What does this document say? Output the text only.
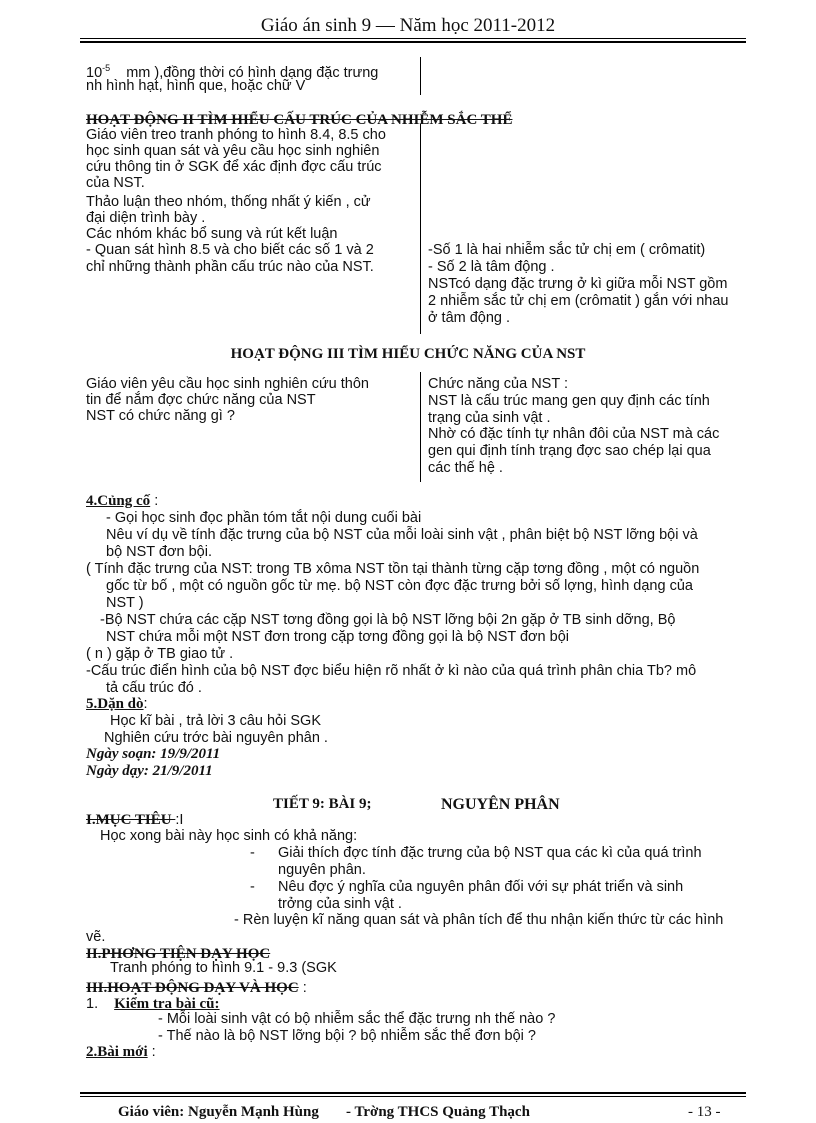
Giáo án sinh 9 — Năm học 2011-2012
$10^{-5}$ mm ),đồng thời có hình dạng đặc trưng
nh hình hạt, hình que, hoặc chữ V
HOẠT ĐỘNG II TÌM HIỂU CẤU TRÚC CỦA NHIỄM SẮC THỂ
Giáo viên treo tranh phóng to hình 8.4, 8.5 cho
học sinh quan sát và yêu cầu học sinh nghiên
cứu thông tin ở SGK để xác định đợc cấu trúc
của NST.
Thảo luận theo nhóm, thống nhất ý kiến , cử
đại diện trình bày .
Các nhóm khác bổ sung và rút kết luận
- Quan sát hình 8.5 và cho biết các số 1 và 2
chỉ những thành phần cấu trúc nào của NST.
-Số 1 là hai nhiễm sắc tử chị em ( crômatit)
- Số 2 là tâm động .
NSTcó dạng đặc trưng ở kì giữa mỗi NST gồm
2 nhiễm sắc tử chị em (crômatit ) gắn với nhau
ở tâm động .
HOẠT ĐỘNG III TÌM HIỂU CHỨC NĂNG CỦA NST
Giáo viên yêu cầu học sinh nghiên cứu thôn
tin để nắm đợc chức năng của NST
NST có chức năng gì ?
Chức năng của NST :
NST là cấu trúc mang gen quy định các tính
trạng của sinh vật .
Nhờ có đặc tính tự nhân đôi của NST mà các
gen qui định tính trạng đợc sao chép lại qua
các thế hệ .
4.Củng cố :
- Gọi học sinh đọc phần tóm tắt nội dung cuối bài
Nêu ví dụ về tính đặc trưng của bộ NST của mỗi loài sinh vật , phân biệt bộ NST lỡng bội và
bộ NST đơn bội.
( Tính đặc trưng của NST: trong TB xôma NST tồn tại thành từng cặp tơng đồng , một có nguồn
gốc từ bố , một có nguồn gốc từ mẹ. bộ NST còn đợc đặc trưng bởi số lợng, hình dạng của
NST )
-Bộ NST chứa các cặp NST tơng đồng gọi là bộ NST lỡng bội 2n gặp ở TB sinh dỡng, Bộ
NST chứa mỗi một NST đơn trong cặp tơng đồng gọi là bộ NST đơn bội
( n ) gặp ở TB giao tử .
-Cấu trúc điển hình của bộ NST đợc biểu hiện rõ nhất ở kì nào của quá trình phân chia Tb? mô
tả cấu trúc đó .
5.Dặn dò:
Học kĩ bài , trả lời 3 câu hỏi SGK
Nghiên cứu trớc bài nguyên phân .
Ngày soạn: 19/9/2011
Ngày dạy: 21/9/2011
TIẾT 9: BÀI 9;	NGUYÊN PHÂN
I.MỤC TIÊU :I
Học xong bài này học sinh có khả năng:
- Giải thích đợc tính đặc trưng của bộ NST qua các kì của quá trình
nguyên phân.
- Nêu đợc ý nghĩa của nguyên phân đối với sự phát triển và sinh
trởng của sinh vật .
- Rèn luyện kĩ năng quan sát và phân tích để thu nhận kiến thức từ các hình
vẽ.
II.PHƠNG TIỆN DẠY HỌC
Tranh phóng to hình 9.1 - 9.3 (SGK
III.HOẠT ĐỘNG DẠY VÀ HỌC :
1. Kiểm tra bài cũ:
- Mỗi loài sinh vật có bộ nhiễm sắc thể đặc trưng nh thế nào ?
- Thế nào là bộ NST lỡng bội ? bộ nhiễm sắc thể đơn bội ?
2.Bài mới :
Giáo viên: Nguyễn Mạnh Hùng - Trờng THCS Quảng Thạch	- 13 -
